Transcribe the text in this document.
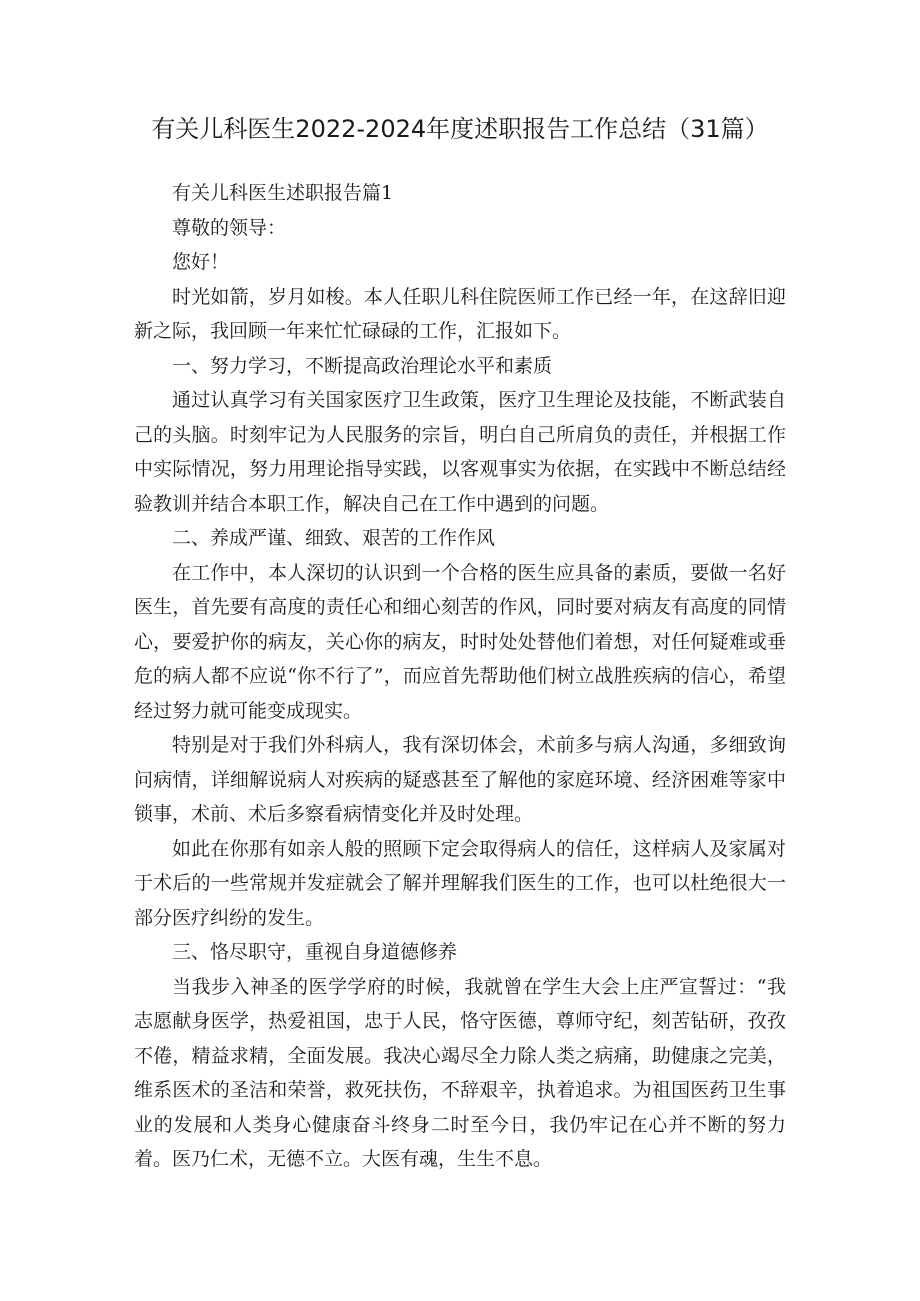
有关儿科医生2022-2024年度述职报告工作总结（31篇）

有关儿科医生述职报告篇1

尊敬的领导：

您好！

时光如箭，岁月如梭。本人任职儿科住院医师工作已经一年，在这辞旧迎新之际，我回顾一年来忙忙碌碌的工作，汇报如下。

一、努力学习，不断提高政治理论水平和素质

通过认真学习有关国家医疗卫生政策，医疗卫生理论及技能，不断武装自己的头脑。时刻牢记为人民服务的宗旨，明白自己所肩负的责任，并根据工作中实际情况，努力用理论指导实践，以客观事实为依据，在实践中不断总结经验教训并结合本职工作，解决自己在工作中遇到的问题。

二、养成严谨、细致、艰苦的工作作风

在工作中，本人深切的认识到一个合格的医生应具备的素质，要做一名好医生，首先要有高度的责任心和细心刻苦的作风，同时要对病友有高度的同情心，要爱护你的病友，关心你的病友，时时处处替他们着想，对任何疑难或垂危的病人都不应说“你不行了”，而应首先帮助他们树立战胜疾病的信心，希望经过努力就可能变成现实。

特别是对于我们外科病人，我有深切体会，术前多与病人沟通，多细致询问病情，详细解说病人对疾病的疑惑甚至了解他的家庭环境、经济困难等家中锁事，术前、术后多察看病情变化并及时处理。

如此在你那有如亲人般的照顾下定会取得病人的信任，这样病人及家属对于术后的一些常规并发症就会了解并理解我们医生的工作，也可以杜绝很大一部分医疗纠纷的发生。

三、恪尽职守，重视自身道德修养

当我步入神圣的医学学府的时候，我就曾在学生大会上庄严宣誓过：“我志愿献身医学，热爱祖国，忠于人民，恪守医德，尊师守纪，刻苦钻研，孜孜不倦，精益求精，全面发展。我决心竭尽全力除人类之病痛，助健康之完美，维系医术的圣洁和荣誉，救死扶伤，不辞艰辛，执着追求。为祖国医药卫生事业的发展和人类身心健康奋斗终身二时至今日，我仍牢记在心并不断的努力着。医乃仁术，无德不立。大医有魂，生生不息。
